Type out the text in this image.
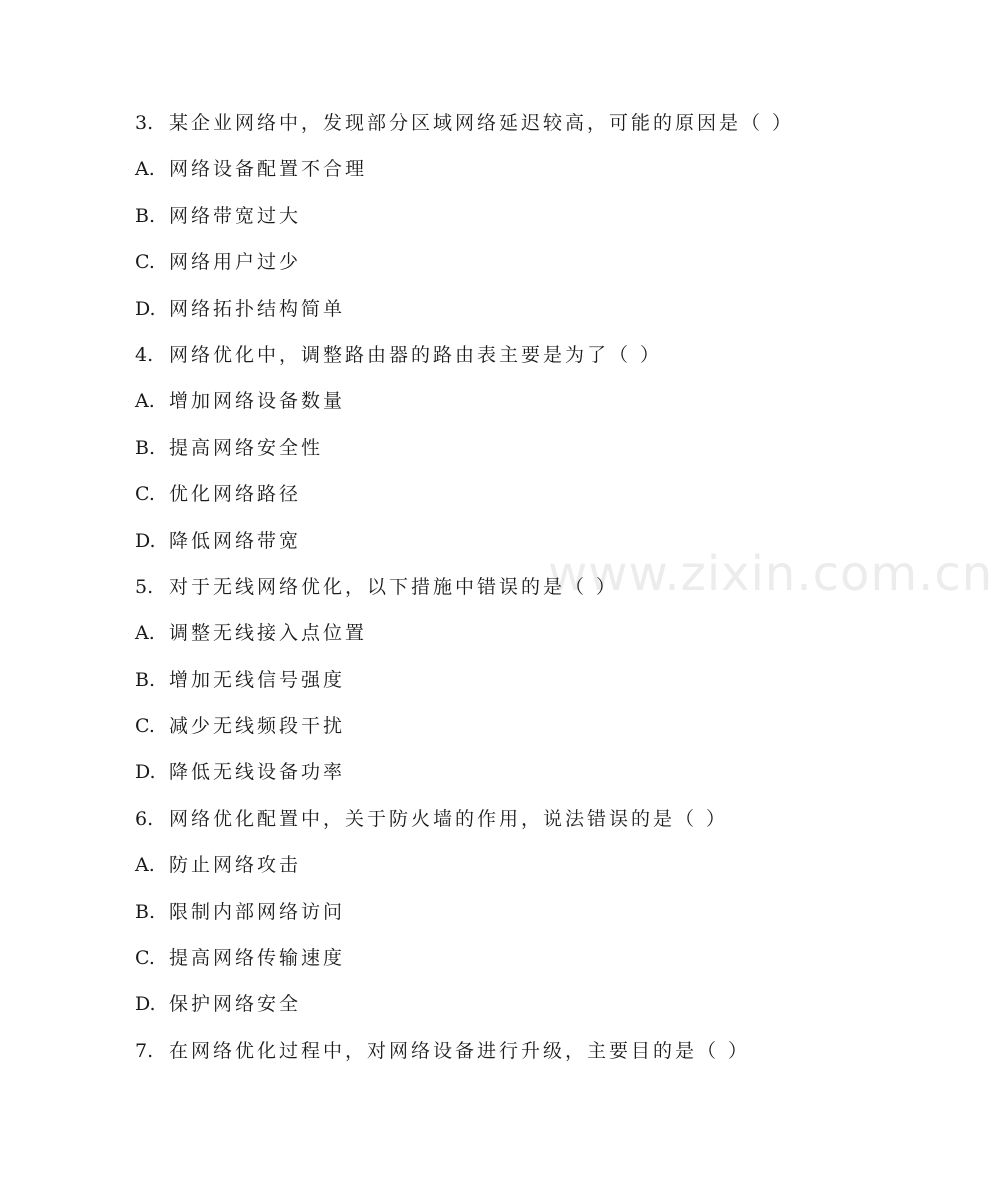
www.zixin.com.cn
3. 某企业网络中，发现部分区域网络延迟较高，可能的原因是（ ）
A. 网络设备配置不合理
B. 网络带宽过大
C. 网络用户过少
D. 网络拓扑结构简单
4. 网络优化中，调整路由器的路由表主要是为了（ ）
A. 增加网络设备数量
B. 提高网络安全性
C. 优化网络路径
D. 降低网络带宽
5. 对于无线网络优化，以下措施中错误的是（ ）
A. 调整无线接入点位置
B. 增加无线信号强度
C. 减少无线频段干扰
D. 降低无线设备功率
6. 网络优化配置中，关于防火墙的作用，说法错误的是（ ）
A. 防止网络攻击
B. 限制内部网络访问
C. 提高网络传输速度
D. 保护网络安全
7. 在网络优化过程中，对网络设备进行升级，主要目的是（ ）
